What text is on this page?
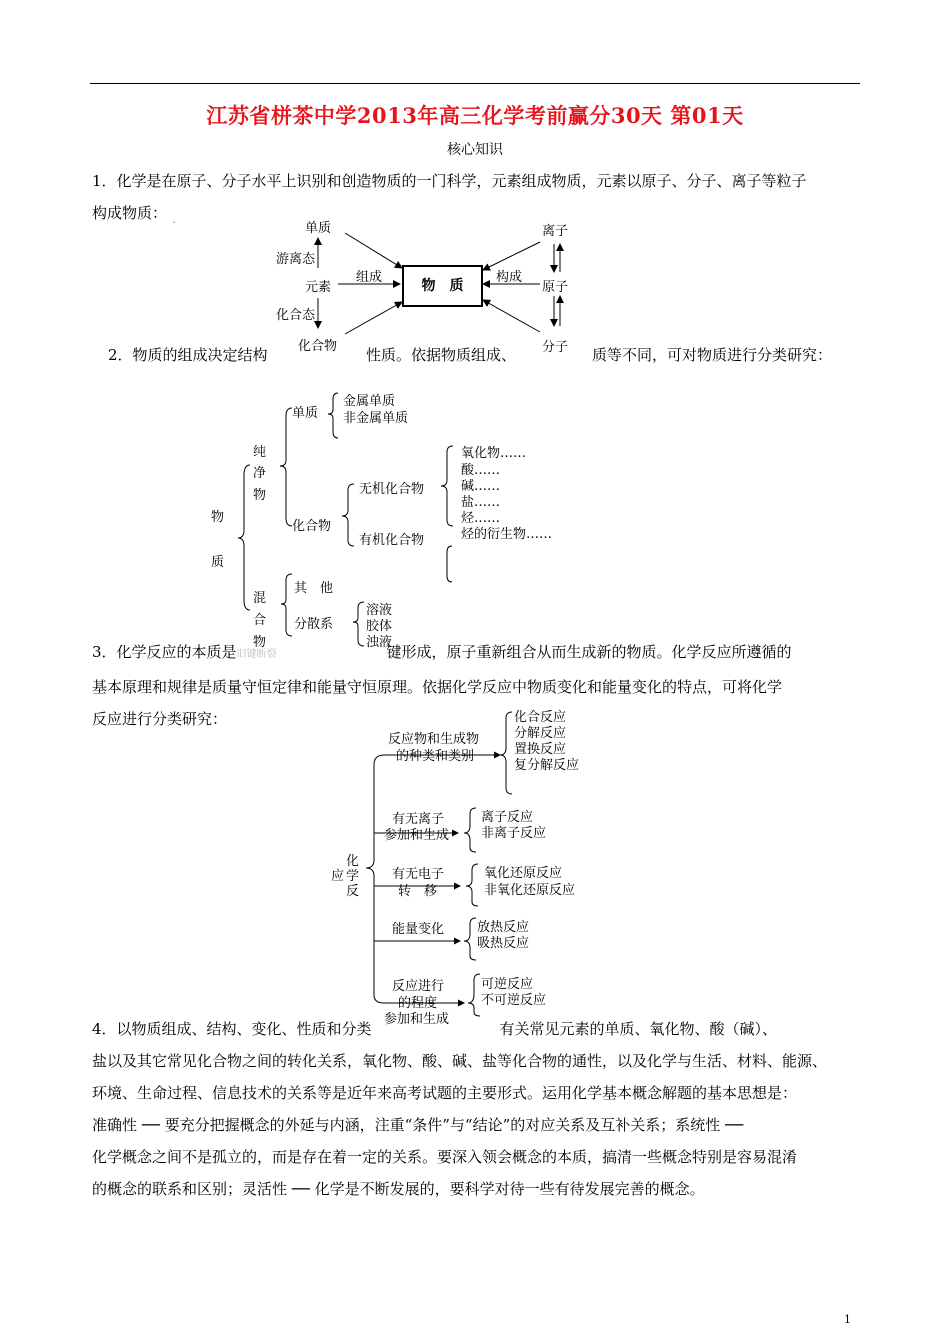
江苏省栟茶中学2013年高三化学考前赢分30天 第01天
核心知识
1．化学是在原子、分子水平上识别和创造物质的一门科学，元素组成物质，元素以原子、分子、离子等粒子
构成物质： .
物　质
单质
游离态
元素
化合态
化合物
组成	构成
离子
原子
分子
2．物质的组成决定结构	性质。依据物质组成、	质等不同，可对物质进行分类研究：
物
质
纯
净
物
混
合
物
单质
金属单质
非金属单质
化合物
无机化合物
有机化合物
氧化物……
酸……
碱……
盐……
烃……
烃的衍生物……
其　他
分散系
溶液
胶体
浊液
3．化学反应的本质是旧键断裂	键形成，原子重新组合从而生成新的物质。化学反应所遵循的
基本原理和规律是质量守恒定律和能量守恒原理。依据化学反应中物质变化和能量变化的特点，可将化学
反应进行分类研究：
化
应 学
反
反应物和生成物
的种类和类别
化合反应
分解反应
置换反应
复分解反应
有无离子
参加和生成
离子反应
非离子反应
有无电子
转　移
氧化还原反应
非氧化还原反应
能量变化	放热反应
吸热反应
反应进行
的程度
参加和生成
可逆反应
不可逆反应
4．以物质组成、结构、变化、性质和分类	有关常见元素的单质、氧化物、酸（碱）、
盐以及其它常见化合物之间的转化关系，氧化物、酸、碱、盐等化合物的通性，以及化学与生活、材料、能源、
环境、生命过程、信息技术的关系等是近年来高考试题的主要形式。运用化学基本概念解题的基本思想是：
准确性 ── 要充分把握概念的外延与内涵，注重“条件”与“结论”的对应关系及互补关系；系统性 ──
化学概念之间不是孤立的，而是存在着一定的关系。要深入领会概念的本质，搞清一些概念特别是容易混淆
的概念的联系和区别；灵活性 ── 化学是不断发展的，要科学对待一些有待发展完善的概念。
1
